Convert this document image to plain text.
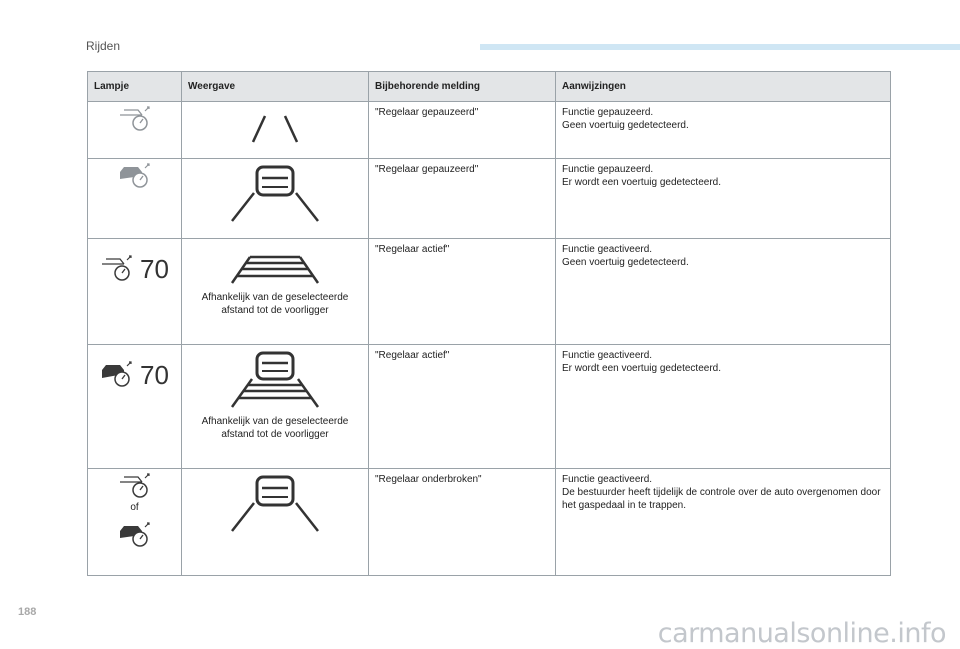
Rijden
Lampje	Weergave	Bijbehorende melding	Aanwijzingen

		"Regelaar gepauzeerd"	Functie gepauzeerd.
Geen voertuig gedetecteerd.

		"Regelaar gepauzeerd"	Functie gepauzeerd.
Er wordt een voertuig gedetecteerd.

70	Afhankelijk van de geselecteerde afstand tot de voorligger	"Regelaar actief"	Functie geactiveerd.
Geen voertuig gedetecteerd.

70	Afhankelijk van de geselecteerde afstand tot de voorligger	"Regelaar actief"	Functie geactiveerd.
Er wordt een voertuig gedetecteerd.

of		"Regelaar onderbroken"	Functie geactiveerd.
De bestuurder heeft tijdelijk de controle over de auto overgenomen door het gaspedaal in te trappen.
188
carmanualsonline.info
